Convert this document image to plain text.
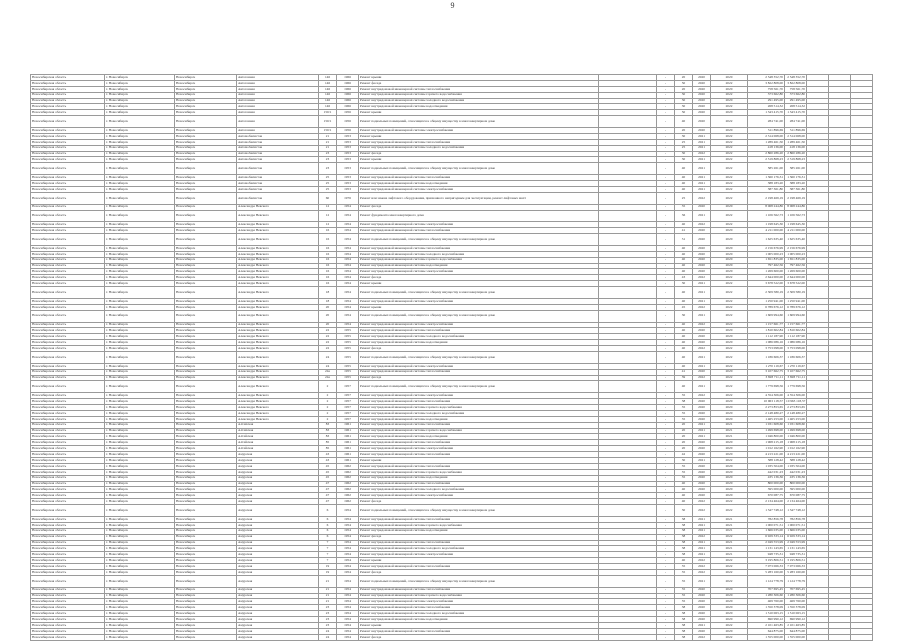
9
Новосибирская область	г. Новосибирск	Новосибирск	Автогенная	146	1966	Ремонт крыши		-	20	2020	2020	2 548 352,70	2 548 352,70			
Новосибирская область	г. Новосибирск	Новосибирск	Автогенная	146	1966	Ремонт фасада		-	50	2020	2022	3 822 808,00	3 822 808,00			
Новосибирская область	г. Новосибирск	Новосибирск	Автогенная	146	1966	Ремонт внутридомовой инженерной системы теплоснабжения		-	20	2020	2020	758 561,70	758 561,70			
Новосибирская область	г. Новосибирск	Новосибирск	Автогенная	146	1966	Ремонт внутридомовой инженерной системы горячего водоснабжения		-	30	2020	2022	373 662,80	373 662,80			
Новосибирская область	г. Новосибирск	Новосибирск	Автогенная	146	1966	Ремонт внутридомовой инженерной системы холодного водоснабжения		-	30	2020	2020	291 495,00	291 495,00			
Новосибирская область	г. Новосибирск	Новосибирск	Автогенная	146	1966	Ремонт внутридомовой инженерной системы водоотведения		-	30	2020	2022	268 514,32	268 514,32			
Новосибирская область	г. Новосибирск	Новосибирск	Автогенная	150/1	1956	Ремонт крыши		-	50	2020	2020	1 343 415,70	1 343 415,70			
Новосибирская область	г. Новосибирск	Новосибирск	Автогенная	150/1	1956	Ремонт подвальных помещений, относящихся к общему имуществу в многоквартирном доме		-	40	2020	2022	284 741,00	284 741,00			
Новосибирская область	г. Новосибирск	Новосибирск	Автогенная	150/1	1956	Ремонт внутридомовой инженерной системы электроснабжения		-	20	2020	2020	511 896,69	511 896,69			
Новосибирская область	г. Новосибирск	Новосибирск	Автомобилистов	21	1953	Ремонт крыши		-	30	2021	2022	2 314 068,00	2 314 068,00			
Новосибирская область	г. Новосибирск	Новосибирск	Автомобилистов	21	1953	Ремонт внутридомовой инженерной системы теплоснабжения		-	25	2021	2022	1 289 461,50	1 289 461,50			
Новосибирская область	г. Новосибирск	Новосибирск	Автомобилистов	21	1953	Ремонт внутридомовой инженерной системы холодного водоснабжения		-	25	2021	2022	418 136,00	418 136,00			
Новосибирская область	г. Новосибирск	Новосибирск	Автомобилистов	23	1953	Ремонт фасада		-	30	2022	2022	2 860 286,20	2 860 286,20			
Новосибирская область	г. Новосибирск	Новосибирск	Автомобилистов	23	1953	Ремонт крыши		-	30	2021	2022	2 319 868,23	2 319 868,23			
Новосибирская область	г. Новосибирск	Новосибирск	Автомобилистов	23	1953	Ремонт подвальных помещений, относящихся к общему имуществу в многоквартирном доме		-	40	2021	2022	585 261,00	585 261,00			
Новосибирская область	г. Новосибирск	Новосибирск	Автомобилистов	25	1953	Ремонт внутридомовой инженерной системы теплоснабжения		-	40	2021	2022	1 360 176,31	1 360 176,31			
Новосибирская область	г. Новосибирск	Новосибирск	Автомобилистов	25	1953	Ремонт внутридомовой инженерной системы водоотведения		-	40	2021	2022	388 183,20	388 183,20			
Новосибирская область	г. Новосибирск	Новосибирск	Автомобилистов	25	1953	Ремонт внутридомовой инженерной системы электроснабжения		-	40	2021	2022	387 361,80	387 361,80			
Новосибирская область	г. Новосибирск	Новосибирск	Автомобилистов	60	1976	Ремонт или замена лифтового оборудования, признанного непригодным для эксплуатации, ремонт лифтовых шахт		-	25	2022	2022	2 198 469,19	2 198 469,19			
Новосибирская область	г. Новосибирск	Новосибирск	Александра Невского	12	1954	Ремонт фасада		-	35	2020	2020	8 068 244,86	8 068 244,86			
Новосибирская область	г. Новосибирск	Новосибирск	Александра Невского	12	1954	Ремонт фундамента многоквартирного дома		-	36	2021	2022	1 106 562,73	1 106 562,73			
Новосибирская область	г. Новосибирск	Новосибирск	Александра Невского	12	1954	Ремонт внутридомовой инженерной системы электроснабжения		-	40	2022	2022	1 198 645,30	1 198 645,30			
Новосибирская область	г. Новосибирск	Новосибирск	Александра Невского	16	1954	Ремонт внутридомовой инженерной системы теплоснабжения		-	41	2020	2020	4 211 000,00	4 211 000,00			
Новосибирская область	г. Новосибирск	Новосибирск	Александра Невского	16	1954	Ремонт подвальных помещений, относящихся к общему имуществу в многоквартирном доме		-	31	2020	2020	1 625 635,40	1 625 635,40			
Новосибирская область	г. Новосибирск	Новосибирск	Александра Невского	16	1954	Ремонт внутридомовой инженерной системы теплоснабжения		-	40	2020	2020	2 156 676,99	2 156 676,99			
Новосибирская область	г. Новосибирск	Новосибирск	Александра Невского	16	1954	Ремонт внутридомовой инженерной системы холодного водоснабжения		-	40	2020	2020	1 005 000,23	1 005 000,23			
Новосибирская область	г. Новосибирск	Новосибирск	Александра Невского	16	1954	Ремонт внутридомовой инженерной системы горячего водоснабжения		-	40	2020	2020	1 651 835,00	1 651 835,00			
Новосибирская область	г. Новосибирск	Новосибирск	Александра Невского	16	1954	Ремонт внутридомовой инженерной системы водоотведения		-	40	2020	2020	797 462,56	797 462,56			
Новосибирская область	г. Новосибирск	Новосибирск	Александра Невского	16	1954	Ремонт внутридомовой инженерной системы электроснабжения		-	40	2020	2020	1 269 600,00	1 269 600,00			
Новосибирская область	г. Новосибирск	Новосибирск	Александра Невского	16	1954	Ремонт фасада		-	43	2022	2022	2 644 000,00	2 644 000,00			
Новосибирская область	г. Новосибирск	Новосибирск	Александра Невского	16	1954	Ремонт крыши		-	30	2021	2022	3 678 522,00	3 678 522,00			
Новосибирская область	г. Новосибирск	Новосибирск	Александра Невского	18	1954	Ремонт подвальных помещений, относящихся к общему имуществу в многоквартирном доме		-	40	2021	2022	2 309 580,19	2 309 580,19			
Новосибирская область	г. Новосибирск	Новосибирск	Александра Невского	18	1954	Ремонт внутридомовой инженерной системы электроснабжения		-	40	2021	2022	1 250 941,00	1 250 941,00			
Новосибирская область	г. Новосибирск	Новосибирск	Александра Невского	20	1954	Ремонт крыши		-	45	2022	2022	6 789 676,12	6 789 676,12			
Новосибирская область	г. Новосибирск	Новосибирск	Александра Невского	20	1954	Ремонт подвальных помещений, относящихся к общему имуществу в многоквартирном доме		-	30	2021	2022	1 609 994,60	1 609 994,60			
Новосибирская область	г. Новосибирск	Новосибирск	Александра Невского	20	1954	Ремонт внутридомовой инженерной системы электроснабжения		-	40	2022	2022	1 157 661,77	1 157 661,77			
Новосибирская область	г. Новосибирск	Новосибирск	Александра Невского	22	1955	Ремонт внутридомовой инженерной системы теплоснабжения		-	40	2020	2020	1 810 602,84	1 810 602,84			
Новосибирская область	г. Новосибирск	Новосибирск	Александра Невского	22	1955	Ремонт внутридомовой инженерной системы холодного водоснабжения		-	40	2020	2020	1 112 187,90	1 112 187,90			
Новосибирская область	г. Новосибирск	Новосибирск	Александра Невского	22	1955	Ремонт внутридомовой инженерной системы водоотведения		-	40	2020	2020	1 086 086,16	1 086 086,16			
Новосибирская область	г. Новосибирск	Новосибирск	Александра Невского	22	1955	Ремонт фасада		-	40	2022	2022	3 753 098,00	3 753 098,00			
Новосибирская область	г. Новосибирск	Новосибирск	Александра Невского	24	1955	Ремонт подвальных помещений, относящихся к общему имуществу в многоквартирном доме		-	40	2021	2022	1 186 606,37	1 186 606,37			
Новосибирская область	г. Новосибирск	Новосибирск	Александра Невского	24	1955	Ремонт внутридомовой инженерной системы электроснабжения		-	40	2021	2022	1 270 119,67	1 270 119,67			
Новосибирская область	г. Новосибирск	Новосибирск	Александра Невского	24а	1955	Ремонт внутридомовой инженерной системы теплоснабжения		-	41	2020	2020	3 107 662,75	3 107 662,75			
Новосибирская область	г. Новосибирск	Новосибирск	Александра Невского	24а	1955	Ремонт фасада		-	39	2022	2022	3 828 711,11	3 828 711,11			
Новосибирская область	г. Новосибирск	Новосибирск	Александра Невского	2	1957	Ремонт подвальных помещений, относящихся к общему имуществу в многоквартирном доме		-	40	2021	2022	1 779 698,56	1 779 698,56			
Новосибирская область	г. Новосибирск	Новосибирск	Александра Невского	2	1957	Ремонт внутридомовой инженерной системы электроснабжения		-	35	2022	2022	4 354 306,00	4 354 306,00			
Новосибирская область	г. Новосибирск	Новосибирск	Александра Невского	2	1957	Ремонт внутридомовой инженерной системы теплоснабжения		-	38	2020	2020	10 963 118,57	10 963 118,57			
Новосибирская область	г. Новосибирск	Новосибирск	Александра Невского	2	1957	Ремонт внутридомовой инженерной системы горячего водоснабжения		-	35	2020	2020	2 273 853,65	2 273 853,65			
Новосибирская область	г. Новосибирск	Новосибирск	Александра Невского	2	1957	Ремонт внутридомовой инженерной системы холодного водоснабжения		-	35	2020	2020	2 148 480,27	2 148 480,27			
Новосибирская область	г. Новосибирск	Новосибирск	Александра Невского	2	1957	Ремонт внутридомовой инженерной системы водоотведения		-	35	2020	2020	1 465 253,00	1 465 253,00			
Новосибирская область	г. Новосибирск	Новосибирск	Алтайская	83	1961	Ремонт внутридомовой инженерной системы теплоснабжения		-	20	2021	2021	1 031 608,60	1 031 608,60			
Новосибирская область	г. Новосибирск	Новосибирск	Алтайская	83	1961	Ремонт внутридомовой инженерной системы горячего водоснабжения		-	20	2021	2021	1 499 698,00	1 499 698,00			
Новосибирская область	г. Новосибирск	Новосибирск	Алтайская	83	1961	Ремонт внутридомовой инженерной системы водоотведения		-	20	2021	2021	1 046 800,00	1 046 800,00			
Новосибирская область	г. Новосибирск	Новосибирск	Алтайская	85	1961	Ремонт внутридомовой инженерной системы теплоснабжения		-	20	2020	2020	1 968 215,18	1 968 215,18			
Новосибирская область	г. Новосибирск	Новосибирск	Алтайская	85	1961	Ремонт внутридомовой инженерной системы электроснабжения		-	20	2020	2020	1 012 162,90	1 012 162,90			
Новосибирская область	г. Новосибирск	Новосибирск	Амурская	43	1961	Ремонт внутридомовой инженерной системы теплоснабжения		-	42	2020	2020	4 213 221,00	4 213 221,00			
Новосибирская область	г. Новосибирск	Новосибирск	Амурская	43	1961	Ремонт крыши		-	30	2021	2022	588 128,42	588 128,42			
Новосибирская область	г. Новосибирск	Новосибирск	Амурская	45	1962	Ремонт внутридомовой инженерной системы теплоснабжения		-	35	2020	2020	1 035 504,00	1 035 504,00			
Новосибирская область	г. Новосибирск	Новосибирск	Амурская	45	1962	Ремонт внутридомовой инженерной системы горячего водоснабжения		-	35	2020	2020	442 031,23	442 031,23			
Новосибирская область	г. Новосибирск	Новосибирск	Амурская	45	1962	Ремонт внутридомовой инженерной системы водоотведения		-	35	2020	2020	435 136,36	435 136,36			
Новосибирская область	г. Новосибирск	Новосибирск	Амурская	47	1962	Ремонт внутридомовой инженерной системы теплоснабжения		-	40	2020	2020	800 000,00	800 000,00			
Новосибирская область	г. Новосибирск	Новосибирск	Амурская	47	1962	Ремонт внутридомовой инженерной системы холодного водоснабжения		-	40	2020	2020	395 000,00	395 000,00			
Новосибирская область	г. Новосибирск	Новосибирск	Амурская	47	1962	Ремонт внутридомовой инженерной системы электроснабжения		-	40	2020	2020	670 087,75	670 087,75			
Новосибирская область	г. Новосибирск	Новосибирск	Амурская	47	1962	Ремонт фасада		-	40	2022	2022	2 134 464,00	2 134 464,00			
Новосибирская область	г. Новосибирск	Новосибирск	Амурская	6	1954	Ремонт подвальных помещений, относящихся к общему имуществу в многоквартирном доме		-	30	2022	2022	1 347 748,12	1 347 748,12			
Новосибирская область	г. Новосибирск	Новосибирск	Амурская	6	1954	Ремонт внутридомовой инженерной системы теплоснабжения		-	38	2021	2021	782 856,78	782 856,78			
Новосибирская область	г. Новосибирск	Новосибирск	Амурская	6	1954	Ремонт внутридомовой инженерной системы горячего водоснабжения		-	38	2021	2021	1 000 071,51	1 000 071,51			
Новосибирская область	г. Новосибирск	Новосибирск	Амурская	6	1954	Ремонт внутридомовой инженерной системы водоотведения		-	38	2021	2021	1 666 035,00	1 666 035,00			
Новосибирская область	г. Новосибирск	Новосибирск	Амурская	6	1954	Ремонт фасада		-	38	2022	2022	6 929 333,14	6 929 333,14			
Новосибирская область	г. Новосибирск	Новосибирск	Амурская	7	1954	Ремонт внутридомовой инженерной системы теплоснабжения		-	38	2021	2021	2 049 553,99	2 049 553,99			
Новосибирская область	г. Новосибирск	Новосибирск	Амурская	7	1954	Ремонт внутридомовой инженерной системы холодного водоснабжения		-	38	2021	2021	1 131 143,65	1 131 143,65			
Новосибирская область	г. Новосибирск	Новосибирск	Амурская	7	1954	Ремонт внутридомовой инженерной системы электроснабжения		-	38	2021	2021	948 735,31	948 735,31			
Новосибирская область	г. Новосибирск	Новосибирск	Амурская	7	1954	Ремонт крыши		-	40	2022	2022	3 195 806,51	3 195 806,51			
Новосибирская область	г. Новосибирск	Новосибирск	Амурская	19	1954	Ремонт внутридомовой инженерной системы теплоснабжения		-	35	2022	2022	7 073 066,33	7 073 066,33			
Новосибирская область	г. Новосибирск	Новосибирск	Амурская	19	1954	Ремонт фасада		-	35	2022	2022	5 283 160,00	5 283 160,00			
Новосибирская область	г. Новосибирск	Новосибирск	Амурская	21	1954	Ремонт подвальных помещений, относящихся к общему имуществу в многоквартирном доме		-	35	2021	2022	1 124 778,79	1 124 778,79			
Новосибирская область	г. Новосибирск	Новосибирск	Амурская	21	1954	Ремонт внутридомовой инженерной системы теплоснабжения		-	35	2020	2020	707 695,45	707 695,45			
Новосибирская область	г. Новосибирск	Новосибирск	Амурская	21	1954	Ремонт внутридомовой инженерной системы горячего водоснабжения		-	35	2020	2020	1 280 306,60	1 280 306,60			
Новосибирская область	г. Новосибирск	Новосибирск	Амурская	21	1954	Ремонт внутридомовой инженерной системы электроснабжения		-	35	2020	2020	469 760,00	469 760,00			
Новосибирская область	г. Новосибирск	Новосибирск	Амурская	23	1954	Ремонт внутридомовой инженерной системы теплоснабжения		-	38	2020	2020	1 350 378,09	1 350 378,09			
Новосибирская область	г. Новосибирск	Новосибирск	Амурская	23	1954	Ремонт внутридомовой инженерной системы холодного водоснабжения		-	38	2020	2020	1 510 063,15	1 510 063,15			
Новосибирская область	г. Новосибирск	Новосибирск	Амурская	23	1954	Ремонт внутридомовой инженерной системы водоотведения		-	38	2020	2020	690 990,12	690 990,12			
Новосибирская область	г. Новосибирск	Новосибирск	Амурская	23	1954	Ремонт крыши		-	38	2021	2022	2 101 463,85	2 101 463,85			
Новосибирская область	г. Новосибирск	Новосибирск	Амурская	24	1954	Ремонт внутридомовой инженерной системы теплоснабжения		-	38	2020	2020	644 875,00	644 875,00			
Новосибирская область	г. Новосибирск	Новосибирск	Амурская	24	1954	Ремонт фасада		-	38	2022	2022	1 555 000,00	1 555 000,00			
